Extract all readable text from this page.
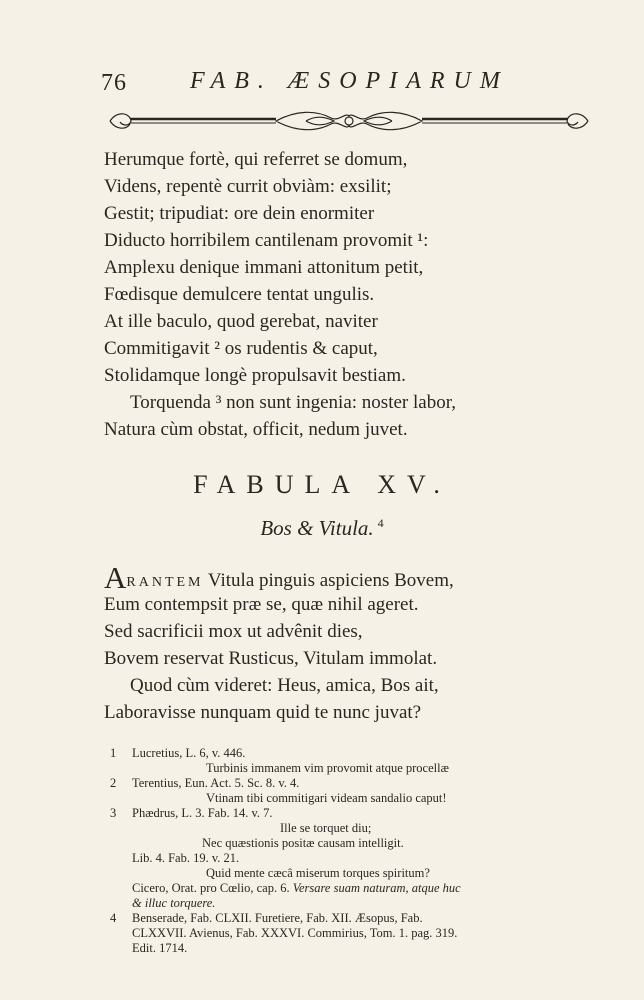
76	FAB. ÆSOPIARUM
Herumque fortè, qui referret se domum,
Videns, repentè currit obviàm: exsilit;
Gestit; tripudiat: ore dein enormiter
Diducto horribilem cantilenam provomit ¹:
Amplexu denique immani attonitum petit,
Fœdisque demulcere tentat ungulis.
At ille baculo, quod gerebat, naviter
Commitigavit ² os rudentis & caput,
Stolidamque longè propulsavit bestiam.
Torquenda ³ non sunt ingenia: noster labor,
Natura cùm obstat, officit, nedum juvet.
FABULA XV.
Bos & Vitula. $^4$
ARANTEM Vitula pinguis aspiciens Bovem,
Eum contempsit præ se, quæ nihil ageret.
Sed sacrificii mox ut advênit dies,
Bovem reservat Rusticus, Vitulam immolat.
Quod cùm videret: Heus, amica, Bos ait,
Laboravisse nunquam quid te nunc juvat?
1 Lucretius, L. 6, v. 446.
Turbinis immanem vim provomit atque procellæ
2 Terentius, Eun. Act. 5. Sc. 8. v. 4.
Vtinam tibi commitigari videam sandalio caput!
3 Phædrus, L. 3. Fab. 14. v. 7.
Ille se torquet diu;
Nec quæstionis positæ causam intelligit.
Lib. 4. Fab. 19. v. 21.
Quid mente cæcâ miserum torques spiritum?
Cicero, Orat. pro Cœlio, cap. 6. Versare suam naturam, atque huc
& illuc torquere.
4 Benserade, Fab. CLXII. Furetiere, Fab. XII. Æsopus, Fab.
CLXXVII. Avienus, Fab. XXXVI. Commirius, Tom. 1. pag. 319.
Edit. 1714.
